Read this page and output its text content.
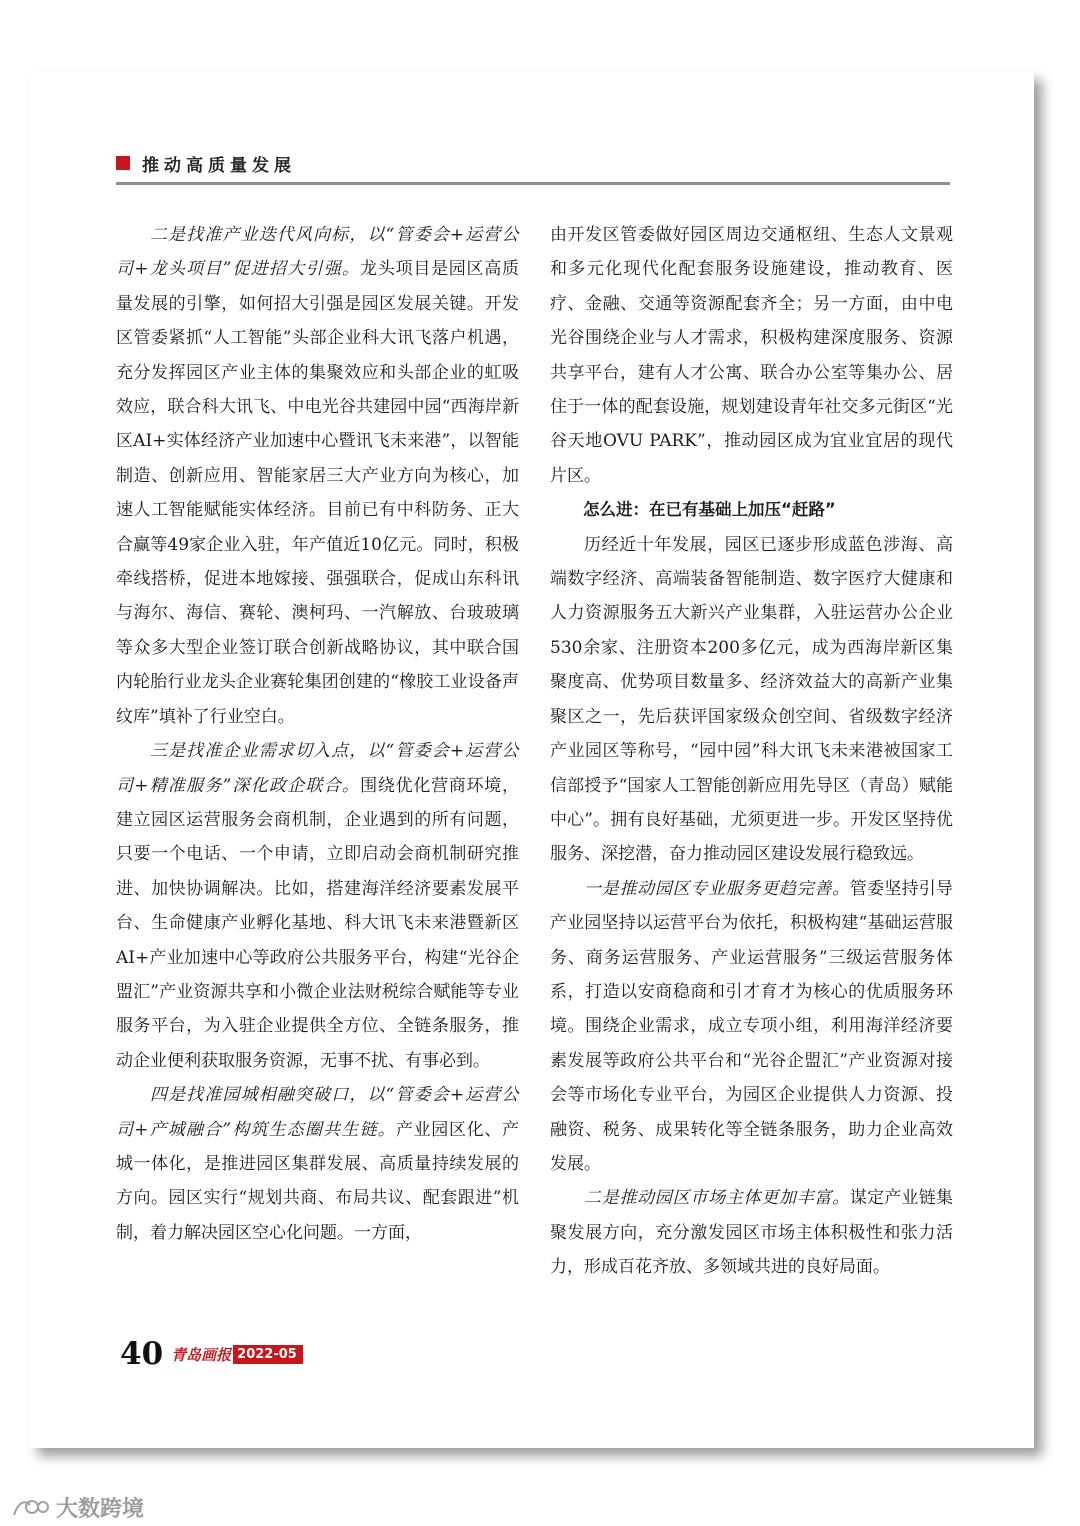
推动高质量发展

二是找准产业迭代风向标，以“管委会+运营公司+龙头项目”促进招大引强。龙头项目是园区高质量发展的引擎，如何招大引强是园区发展关键。开发区管委紧抓“人工智能”头部企业科大讯飞落户机遇，充分发挥园区产业主体的集聚效应和头部企业的虹吸效应，联合科大讯飞、中电光谷共建园中园“西海岸新区AI+实体经济产业加速中心暨讯飞未来港”，以智能制造、创新应用、智能家居三大产业方向为核心，加速人工智能赋能实体经济。目前已有中科防务、正大合赢等49家企业入驻，年产值近10亿元。同时，积极牵线搭桥，促进本地嫁接、强强联合，促成山东科讯与海尔、海信、赛轮、澳柯玛、一汽解放、台玻玻璃等众多大型企业签订联合创新战略协议，其中联合国内轮胎行业龙头企业赛轮集团创建的“橡胶工业设备声纹库”填补了行业空白。

三是找准企业需求切入点，以“管委会+运营公司+精准服务”深化政企联合。围绕优化营商环境，建立园区运营服务会商机制，企业遇到的所有问题，只要一个电话、一个申请，立即启动会商机制研究推进、加快协调解决。比如，搭建海洋经济要素发展平台、生命健康产业孵化基地、科大讯飞未来港暨新区AI+产业加速中心等政府公共服务平台，构建“光谷企盟汇”产业资源共享和小微企业法财税综合赋能等专业服务平台，为入驻企业提供全方位、全链条服务，推动企业便利获取服务资源，无事不扰、有事必到。

四是找准园城相融突破口，以“管委会+运营公司+产城融合”构筑生态圈共生链。产业园区化、产城一体化，是推进园区集群发展、高质量持续发展的方向。园区实行“规划共商、布局共议、配套跟进”机制，着力解决园区空心化问题。一方面，

由开发区管委做好园区周边交通枢纽、生态人文景观和多元化现代化配套服务设施建设，推动教育、医疗、金融、交通等资源配套齐全；另一方面，由中电光谷围绕企业与人才需求，积极构建深度服务、资源共享平台，建有人才公寓、联合办公室等集办公、居住于一体的配套设施，规划建设青年社交多元街区“光谷天地OVU PARK”，推动园区成为宜业宜居的现代片区。

怎么进：在已有基础上加压“赶路”

历经近十年发展，园区已逐步形成蓝色涉海、高端数字经济、高端装备智能制造、数字医疗大健康和人力资源服务五大新兴产业集群，入驻运营办公企业530余家、注册资本200多亿元，成为西海岸新区集聚度高、优势项目数量多、经济效益大的高新产业集聚区之一，先后获评国家级众创空间、省级数字经济产业园区等称号，“园中园”科大讯飞未来港被国家工信部授予“国家人工智能创新应用先导区（青岛）赋能中心”。拥有良好基础，尤须更进一步。开发区坚持优服务、深挖潜，奋力推动园区建设发展行稳致远。

一是推动园区专业服务更趋完善。管委坚持引导产业园坚持以运营平台为依托，积极构建“基础运营服务、商务运营服务、产业运营服务”三级运营服务体系，打造以安商稳商和引才育才为核心的优质服务环境。围绕企业需求，成立专项小组，利用海洋经济要素发展等政府公共平台和“光谷企盟汇”产业资源对接会等市场化专业平台，为园区企业提供人力资源、投融资、税务、成果转化等全链条服务，助力企业高效发展。

二是推动园区市场主体更加丰富。谋定产业链集聚发展方向，充分激发园区市场主体积极性和张力活力，形成百花齐放、多领域共进的良好局面。

40 青岛画报 2022-05
大数跨境
